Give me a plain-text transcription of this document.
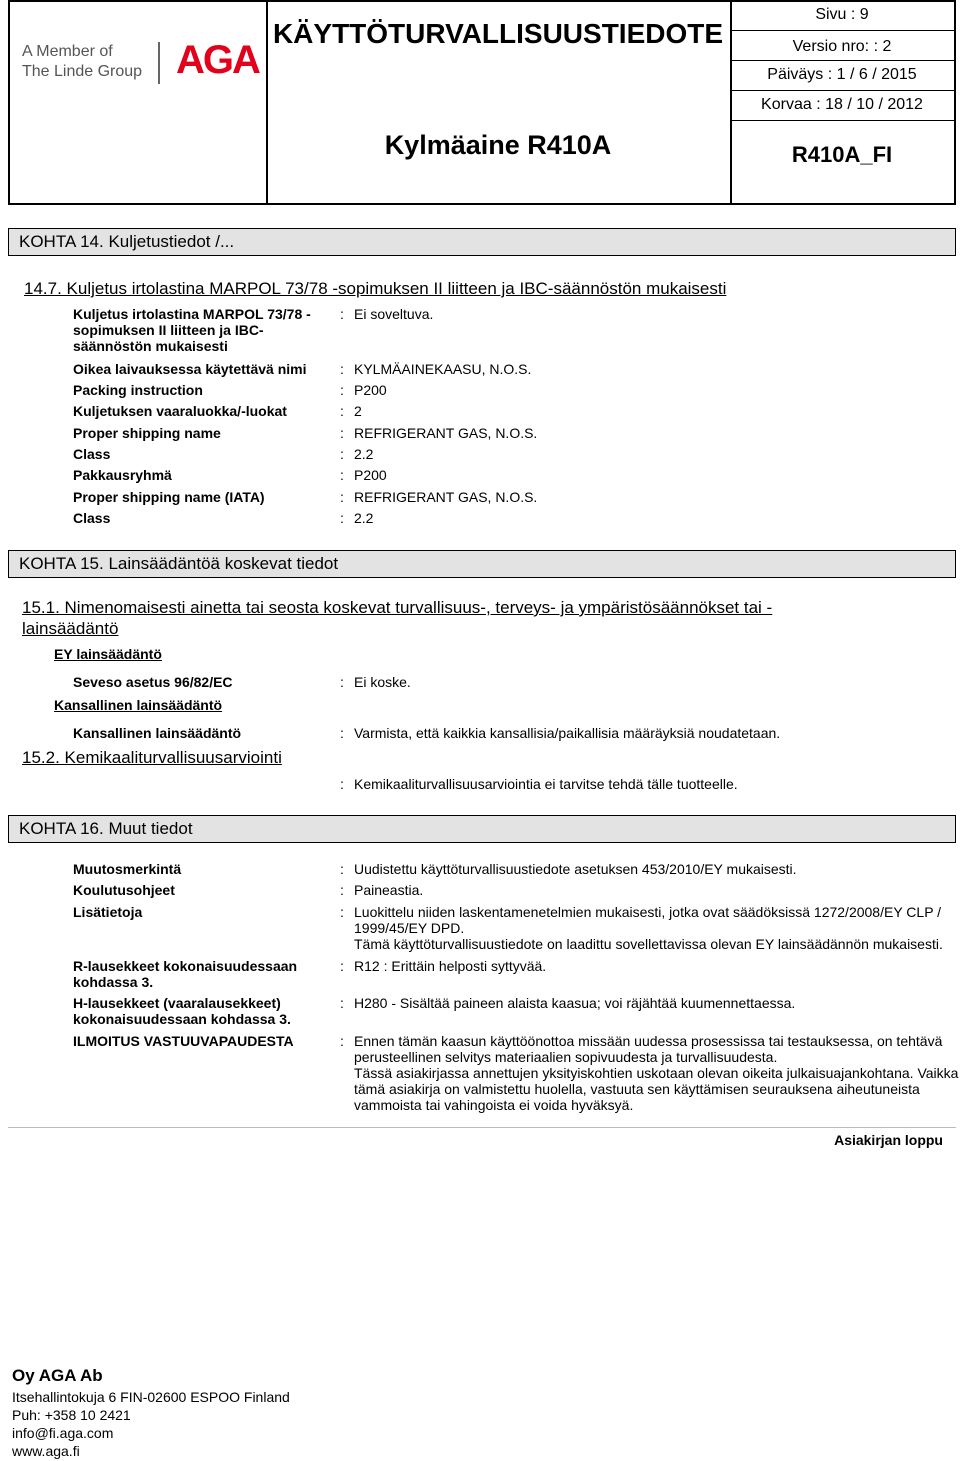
A Member of
The Linde Group AGA
KÄYTTÖTURVALLISUUSTIEDOTE
Kylmäaine R410A
Sivu : 9
Versio nro: : 2
Päiväys : 1 / 6 / 2015
Korvaa : 18 / 10 / 2012
R410A_FI
KOHTA 14. Kuljetustiedot /...
14.7. Kuljetus irtolastina MARPOL 73/78 -sopimuksen II liitteen ja IBC-säännöstön mukaisesti
Kuljetus irtolastina MARPOL 73/78 - sopimuksen II liitteen ja IBC-säännöstön mukaisesti
: Ei soveltuva.
Oikea laivauksessa käytettävä nimi : KYLMÄAINEKAASU, N.O.S.
Packing instruction	: P200
Kuljetuksen vaaraluokka/-luokat	: 2
Proper shipping name	: REFRIGERANT GAS, N.O.S.
Class	: 2.2
Pakkausryhmä	: P200
Proper shipping name (IATA)	: REFRIGERANT GAS, N.O.S.
Class	: 2.2
KOHTA 15. Lainsäädäntöä koskevat tiedot
15.1. Nimenomaisesti ainetta tai seosta koskevat turvallisuus-, terveys- ja ympäristösäännökset tai -
lainsäädäntö
EY lainsäädäntö
Seveso asetus 96/82/EC	: Ei koske.
Kansallinen lainsäädäntö
Kansallinen lainsäädäntö	: Varmista, että kaikkia kansallisia/paikallisia määräyksiä noudatetaan.
15.2. Kemikaaliturvallisuusarviointi
: Kemikaaliturvallisuusarviointia ei tarvitse tehdä tälle tuotteelle.
KOHTA 16. Muut tiedot
Muutosmerkintä	: Uudistettu käyttöturvallisuustiedote asetuksen 453/2010/EY mukaisesti.
Koulutusohjeet	: Paineastia.
Lisätietoja	: Luokittelu niiden laskentamenetelmien mukaisesti, jotka ovat säädöksissä 1272/2008/EY CLP /
1999/45/EY DPD.
Tämä käyttöturvallisuustiedote on laadittu sovellettavissa olevan EY lainsäädännön mukaisesti.
R-lausekkeet kokonaisuudessaan
kohdassa 3.
: R12 : Erittäin helposti syttyvää.
H-lausekkeet (vaaralausekkeet)
kokonaisuudessaan kohdassa 3.
: H280 - Sisältää paineen alaista kaasua; voi räjähtää kuumennettaessa.
ILMOITUS VASTUUVAPAUDESTA	: Ennen tämän kaasun käyttöönottoa missään uudessa prosessissa tai testauksessa, on tehtävä
perusteellinen selvitys materiaalien sopivuudesta ja turvallisuudesta.
Tässä asiakirjassa annettujen yksityiskohtien uskotaan olevan oikeita julkaisuajankohtana. Vaikka
tämä asiakirja on valmistettu huolella, vastuuta sen käyttämisen seurauksena aiheutuneista
vammoista tai vahingoista ei voida hyväksyä.
Asiakirjan loppu
Oy AGA Ab
Itsehallintokuja 6 FIN-02600 ESPOO Finland
Puh: +358 10 2421
info@fi.aga.com
www.aga.fi
